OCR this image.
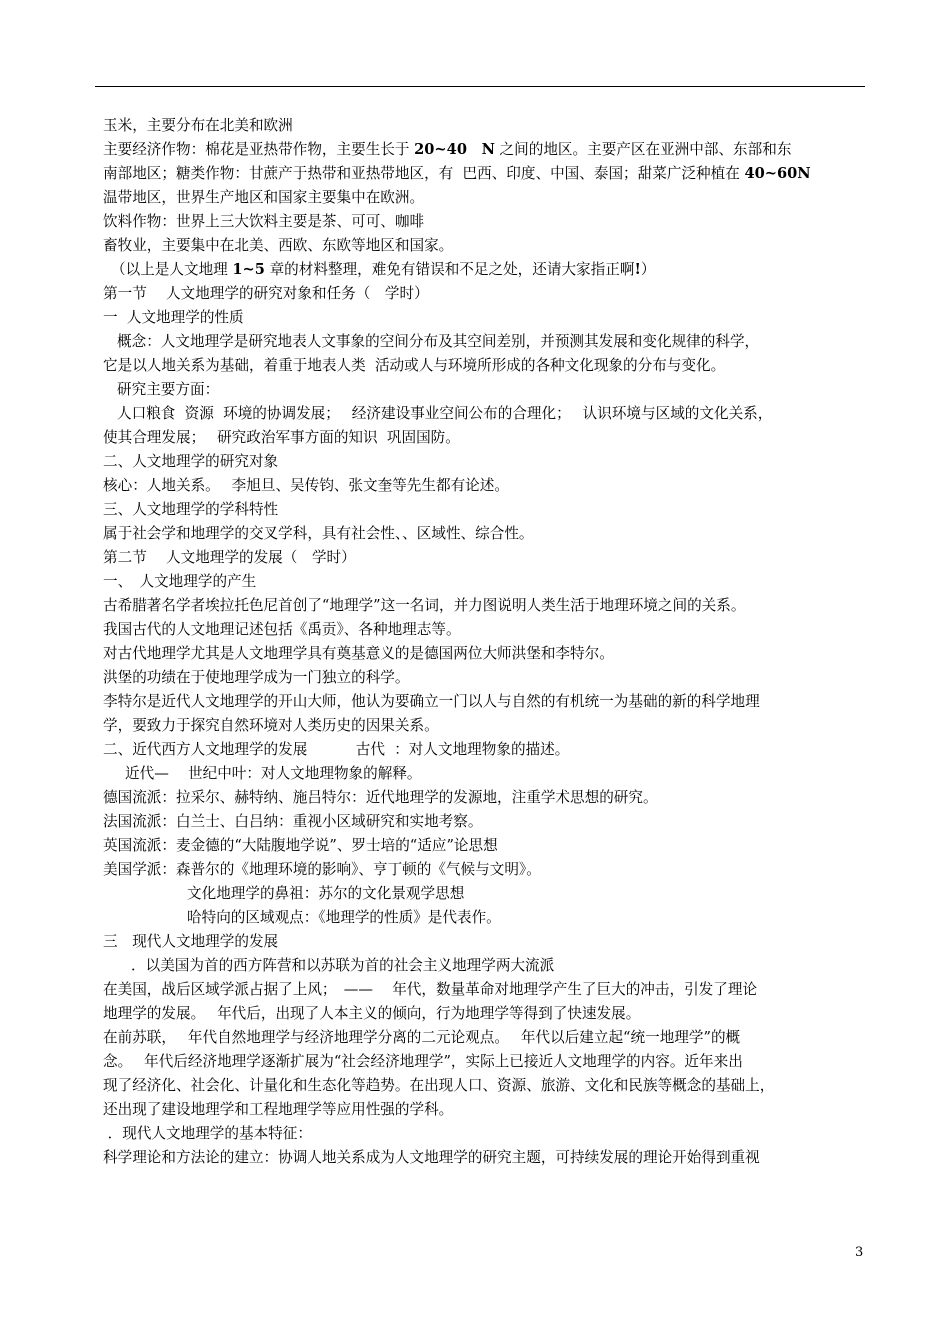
玉米，主要分布在北美和欧洲
主要经济作物：棉花是亚热带作物，主要生长于 20~40　N 之间的地区。主要产区在亚洲中部、东部和东
南部地区；糖类作物：甘蔗产于热带和亚热带地区，有  巴西、印度、中国、泰国；甜菜广泛种植在 40~60N
温带地区，世界生产地区和国家主要集中在欧洲。
饮料作物：世界上三大饮料主要是茶、可可、咖啡
畜牧业，主要集中在北美、西欧、东欧等地区和国家。
（以上是人文地理 1~5 章的材料整理，难免有错误和不足之处，还请大家指正啊!）
第一节　 人文地理学的研究对象和任务（　学时）
一  人文地理学的性质
概念：人文地理学是研究地表人文事象的空间分布及其空间差别，并预测其发展和变化规律的科学，
它是以人地关系为基础，着重于地表人类  活动或人与环境所形成的各种文化现象的分布与变化。
研究主要方面：
人口粮食  资源  环境的协调发展；　 经济建设事业空间公布的合理化；　 认识环境与区域的文化关系，
使其合理发展；　 研究政治军事方面的知识  巩固国防。
二、人文地理学的研究对象
核心：人地关系。　 李旭旦、吴传钧、张文奎等先生都有论述。
三、人文地理学的学科特性
属于社会学和地理学的交叉学科，具有社会性、、区域性、综合性。
第二节　 人文地理学的发展（　学时）
一、　人文地理学的产生
古希腊著名学者埃拉托色尼首创了“地理学”这一名词，并力图说明人类生活于地理环境之间的关系。
我国古代的人文地理记述包括《禹贡》、各种地理志等。
对古代地理学尤其是人文地理学具有奠基意义的是德国两位大师洪堡和李特尔。
洪堡的功绩在于使地理学成为一门独立的科学。
李特尔是近代人文地理学的开山大师，他认为要确立一门以人与自然的有机统一为基础的新的科学地理
学，要致力于探究自然环境对人类历史的因果关系。
二、近代西方人文地理学的发展　　　 古代  ：对人文地理物象的描述。
近代—　 世纪中叶：对人文地理物象的解释。
德国流派：拉采尔、赫特纳、施吕特尔：近代地理学的发源地，注重学术思想的研究。
法国流派：白兰士、白吕纳：重视小区域研究和实地考察。
英国流派：麦金德的“大陆腹地学说”、罗士培的“适应”论思想
美国学派：森普尔的《地理环境的影响》、亨丁顿的《气候与文明》。
文化地理学的鼻祖：苏尔的文化景观学思想
哈特向的区域观点：《地理学的性质》是代表作。
三　现代人文地理学的发展
．以美国为首的西方阵营和以苏联为首的社会主义地理学两大流派
在美国，战后区域学派占据了上风；　——　 年代，数量革命对地理学产生了巨大的冲击，引发了理论
地理学的发展。　 年代后，出现了人本主义的倾向，行为地理学等得到了快速发展。
在前苏联，　 年代自然地理学与经济地理学分离的二元论观点。　 年代以后建立起“统一地理学”的概
念。　 年代后经济地理学逐渐扩展为“社会经济地理学”，实际上已接近人文地理学的内容。近年来出
现了经济化、社会化、计量化和生态化等趋势。在出现人口、资源、旅游、文化和民族等概念的基础上，
还出现了建设地理学和工程地理学等应用性强的学科。
．现代人文地理学的基本特征：
科学理论和方法论的建立：协调人地关系成为人文地理学的研究主题，可持续发展的理论开始得到重视
3
